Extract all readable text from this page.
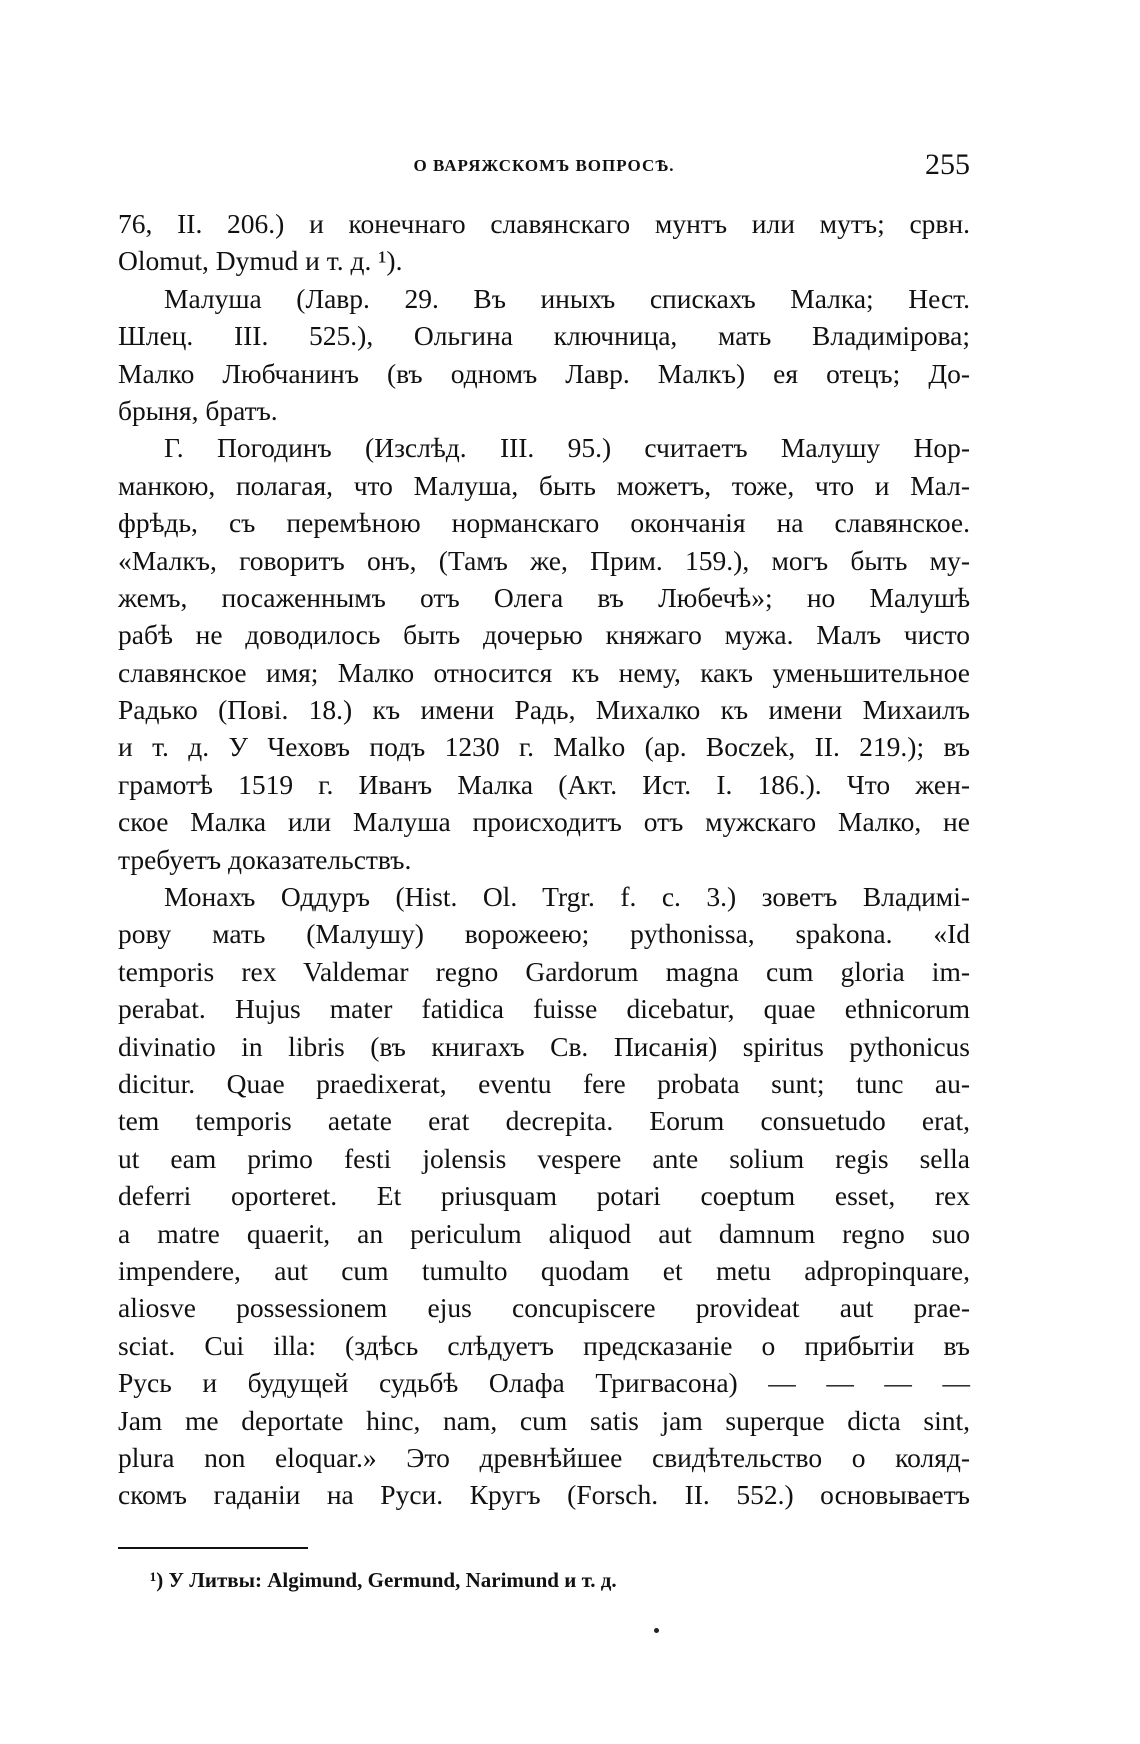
О ВАРЯЖСКОМЪ ВОПРОСѢ.	255
76, II. 206.) и конечнаго славянскаго мунтъ или мутъ; срвн.
Olomut, Dymud и т. д. ¹).
Малуша (Лавр. 29. Въ иныхъ спискахъ Малка; Нест.
Шлец. III. 525.), Ольгина ключница, мать Владимірова;
Малко Любчанинъ (въ одномъ Лавр. Малкъ) ея отецъ; До-
брыня, братъ.
Г. Погодинъ (Изслѣд. III. 95.) считаетъ Малушу Нор-
манкою, полагая, что Малуша, быть можетъ, тоже, что и Мал-
фрѣдь, съ перемѣною норманскаго окончанія на славянское.
«Малкъ, говоритъ онъ, (Тамъ же, Прим. 159.), могъ быть му-
жемъ, посаженнымъ отъ Олега въ Любечѣ»; но Малушѣ
рабѣ не доводилось быть дочерью княжаго мужа. Малъ чисто
славянское имя; Малко относится къ нему, какъ уменьшительное
Радько (Пові. 18.) къ имени Радь, Михалко къ имени Михаилъ
и т. д. У Чеховъ подъ 1230 г. Malko (ap. Boczek, II. 219.); въ
грамотѣ 1519 г. Иванъ Малка (Акт. Ист. I. 186.). Что жен-
ское Малка или Малуша происходитъ отъ мужскаго Малко, не
требуетъ доказательствъ.
Монахъ Оддуръ (Hist. Ol. Trgr. f. c. 3.) зоветъ Владимі-
рову мать (Малушу) ворожеею; pythonissa, spakona. «Id
temporis rex Valdemar regno Gardorum magna cum gloria im-
perabat. Hujus mater fatidica fuisse dicebatur, quae ethnicorum
divinatio in libris (въ книгахъ Св. Писанія) spiritus pythonicus
dicitur. Quae praedixerat, eventu fere probata sunt; tunc au-
tem temporis aetate erat decrepita. Eorum consuetudo erat,
ut eam primo festi jolensis vespere ante solium regis sella
deferri oporteret. Et priusquam potari coeptum esset, rex
a matre quaerit, an periculum aliquod aut damnum regno suo
impendere, aut cum tumulto quodam et metu adpropinquare,
aliosve possessionem ejus concupiscere provideat aut prae-
sciat. Cui illa: (здѣсь слѣдуетъ предсказаніе о прибытіи въ
Русь и будущей судьбѣ Олафа Тригвасона) — — — —
Jam me deportate hinc, nam, cum satis jam superque dicta sint,
plura non eloquar.» Это древнѣйшее свидѣтельство о коляд-
скомъ гаданіи на Руси. Кругъ (Forsch. II. 552.) основываетъ
¹) У Литвы: Algimund, Germund, Narimund и т. д.
